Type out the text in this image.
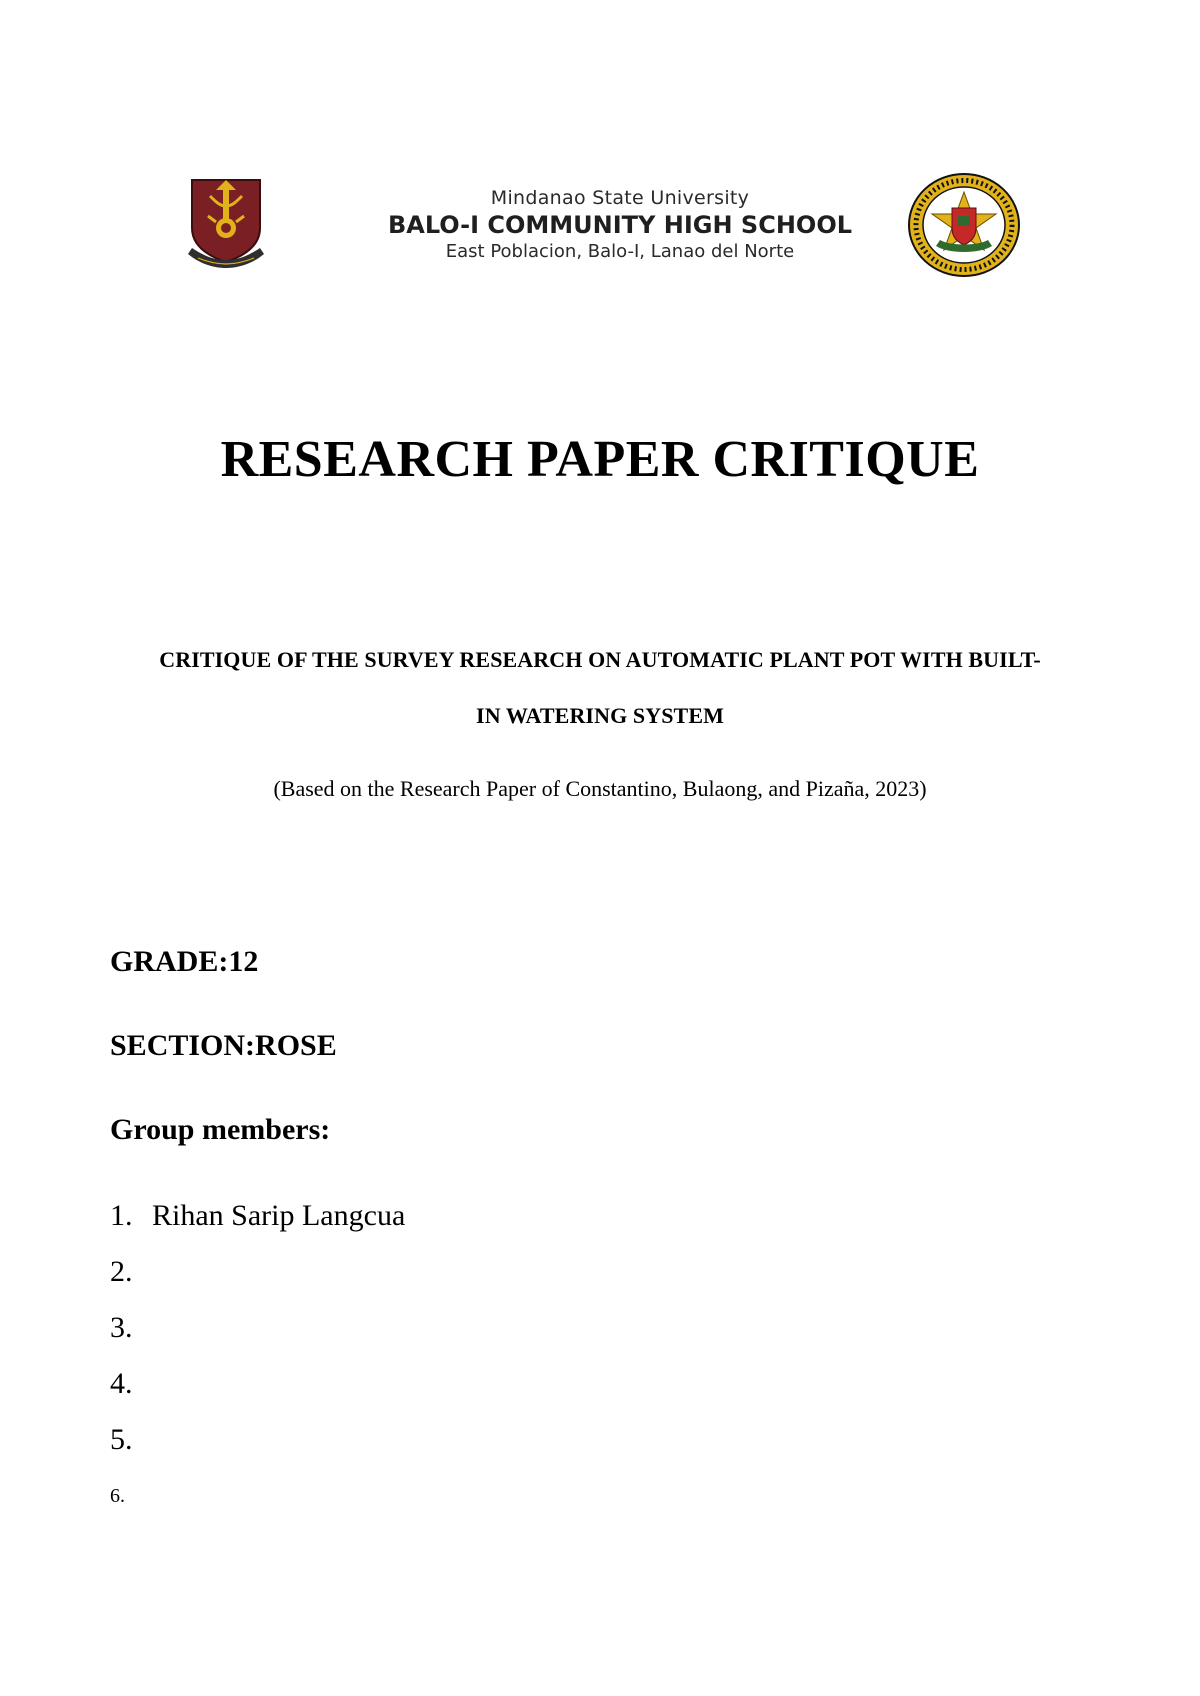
Mindanao State University
BALO-I COMMUNITY HIGH SCHOOL
East Poblacion, Balo-I, Lanao del Norte
RESEARCH PAPER CRITIQUE
CRITIQUE OF THE SURVEY RESEARCH ON AUTOMATIC PLANT POT WITH BUILT-
IN WATERING SYSTEM
(Based on the Research Paper of Constantino, Bulaong, and Pizaña, 2023)
GRADE:12
SECTION:ROSE
Group members:
1. Rihan Sarip Langcua
2.
3.
4.
5.
6.
